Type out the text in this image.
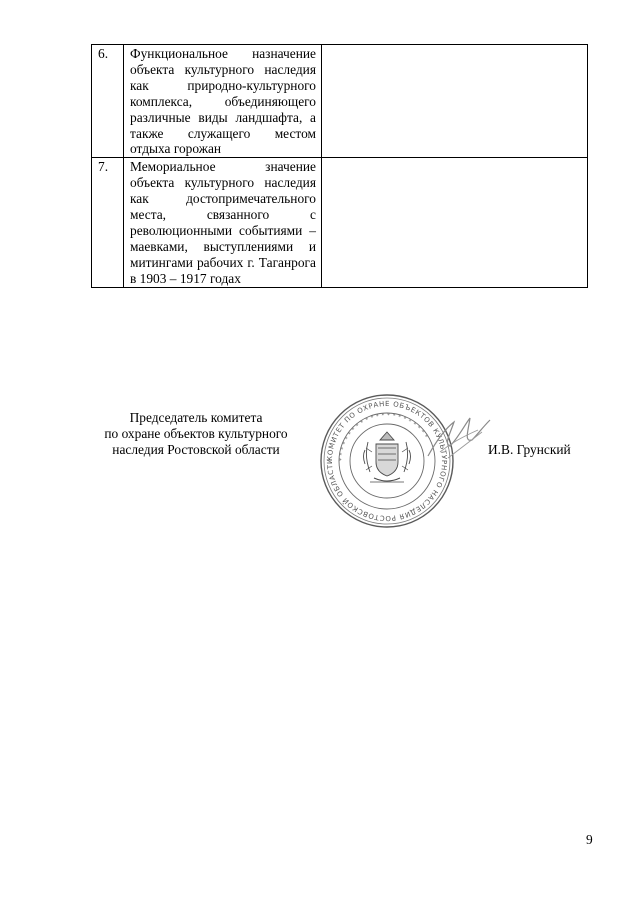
6.	Функциональное назначение объекта культурного наследия как природно-культурного комплекса, объединяющего различные виды ландшафта, а также служащего местом отдыха горожан	
7.	Мемориальное значение объекта культурного наследия как достопримечательного места, связанного с революционными событиями – маевками, выступлениями и митингами рабочих г. Таганрога в 1903 – 1917 годах	
Председатель комитета
по охране объектов культурного
наследия Ростовской области
КОМИТЕТ ПО ОХРАНЕ ОБЪЕКТОВ КУЛЬТУРНОГО НАСЛЕДИЯ РОСТОВСКОЙ ОБЛАСТИ * * * * * * * * * * * * * * * * * * * * * *
И.В. Грунский
9
